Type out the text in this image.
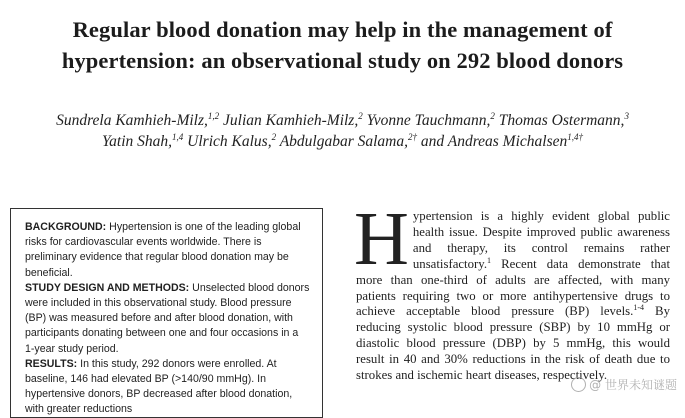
Regular blood donation may help in the management of
hypertension: an observational study on 292 blood donors
Sundrela Kamhieh-Milz,$^{1,2}$ Julian Kamhieh-Milz,$^2$ Yvonne Tauchmann,$^2$ Thomas Ostermann,$^3$
Yatin Shah,$^{1,4}$ Ulrich Kalus,$^2$ Abdulgabar Salama,$^{2\dagger}$ and Andreas Michalsen$^{1,4\dagger}$

BACKGROUND: Hypertension is one of the leading global risks for cardiovascular events worldwide. There is preliminary evidence that regular blood donation may be beneficial.

STUDY DESIGN AND METHODS: Unselected blood donors were included in this observational study. Blood pressure (BP) was measured before and after blood donation, with participants donating between one and four occasions in a 1-year study period.

RESULTS: In this study, 292 donors were enrolled. At baseline, 146 had elevated BP (>140/90 mmHg). In hypertensive donors, BP decreased after blood donation, with greater reductions

Hypertension is a highly evident global public health issue. Despite improved public awareness and therapy, its control remains rather unsatisfactory.$^1$ Recent data demonstrate that more than one-third of adults are affected, with many patients requiring two or more antihypertensive drugs to achieve acceptable blood pressure (BP) levels.$^{1-4}$ By reducing systolic blood pressure (SBP) by 10 mmHg or diastolic blood pressure (DBP) by 5 mmHg, this would result in 40 and 30% reductions in the risk of death due to strokes and ischemic heart diseases, respectively.
@ 世界未知谜题
